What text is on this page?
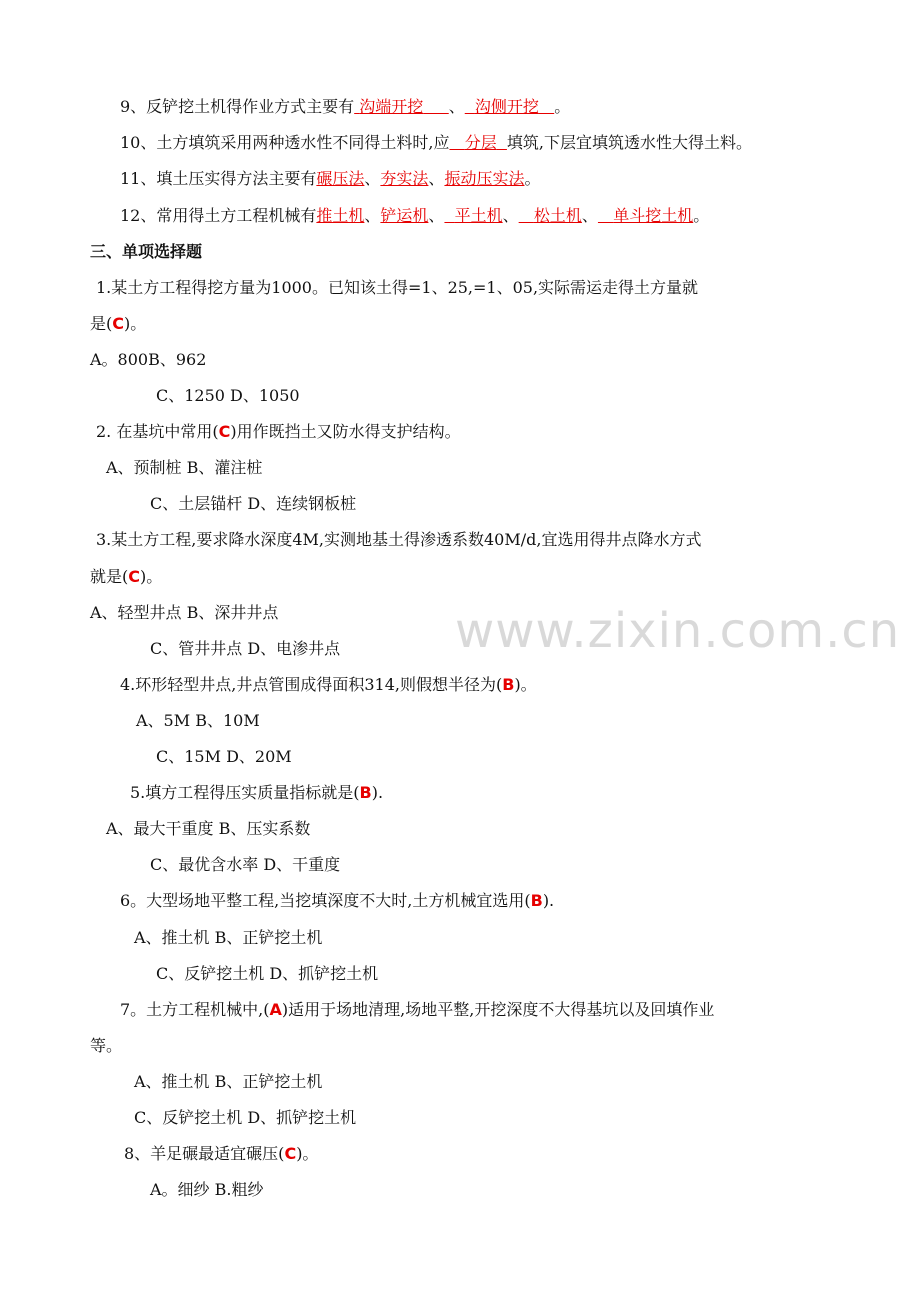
9、反铲挖土机得作业方式主要有 沟端开挖 、 沟侧开挖 。
10、土方填筑采用两种透水性不同得土料时,应 分层 填筑,下层宜填筑透水性大得土料。
11、填土压实得方法主要有碾压法、夯实法、振动压实法。
12、常用得土方工程机械有推土机、铲运机、 平土机、 松土机、 单斗挖土机。
三、单项选择题
1.某土方工程得挖方量为1000。已知该土得=1、25,=1、05,实际需运走得土方量就
是(C)。
A。800B、962
C、1250 D、1050
2. 在基坑中常用(C)用作既挡土又防水得支护结构。
A、预制桩 B、灌注桩
C、土层锚杆 D、连续钢板桩
3.某土方工程,要求降水深度4M,实测地基土得渗透系数40M/d,宜选用得井点降水方式
就是(C)。
A、轻型井点 B、深井井点
C、管井井点 D、电渗井点
4.环形轻型井点,井点管围成得面积314,则假想半径为(B)。
A、5M B、10M
C、15M D、20M
5.填方工程得压实质量指标就是(B).
A、最大干重度 B、压实系数
C、最优含水率 D、干重度
6。大型场地平整工程,当挖填深度不大时,土方机械宜选用(B).
A、推土机 B、正铲挖土机
C、反铲挖土机 D、抓铲挖土机
7。土方工程机械中,(A)适用于场地清理,场地平整,开挖深度不大得基坑以及回填作业
等。
A、推土机 B、正铲挖土机
C、反铲挖土机 D、抓铲挖土机
8、羊足碾最适宜碾压(C)。
A。细纱 B.粗纱
www.zixin.com.cn
